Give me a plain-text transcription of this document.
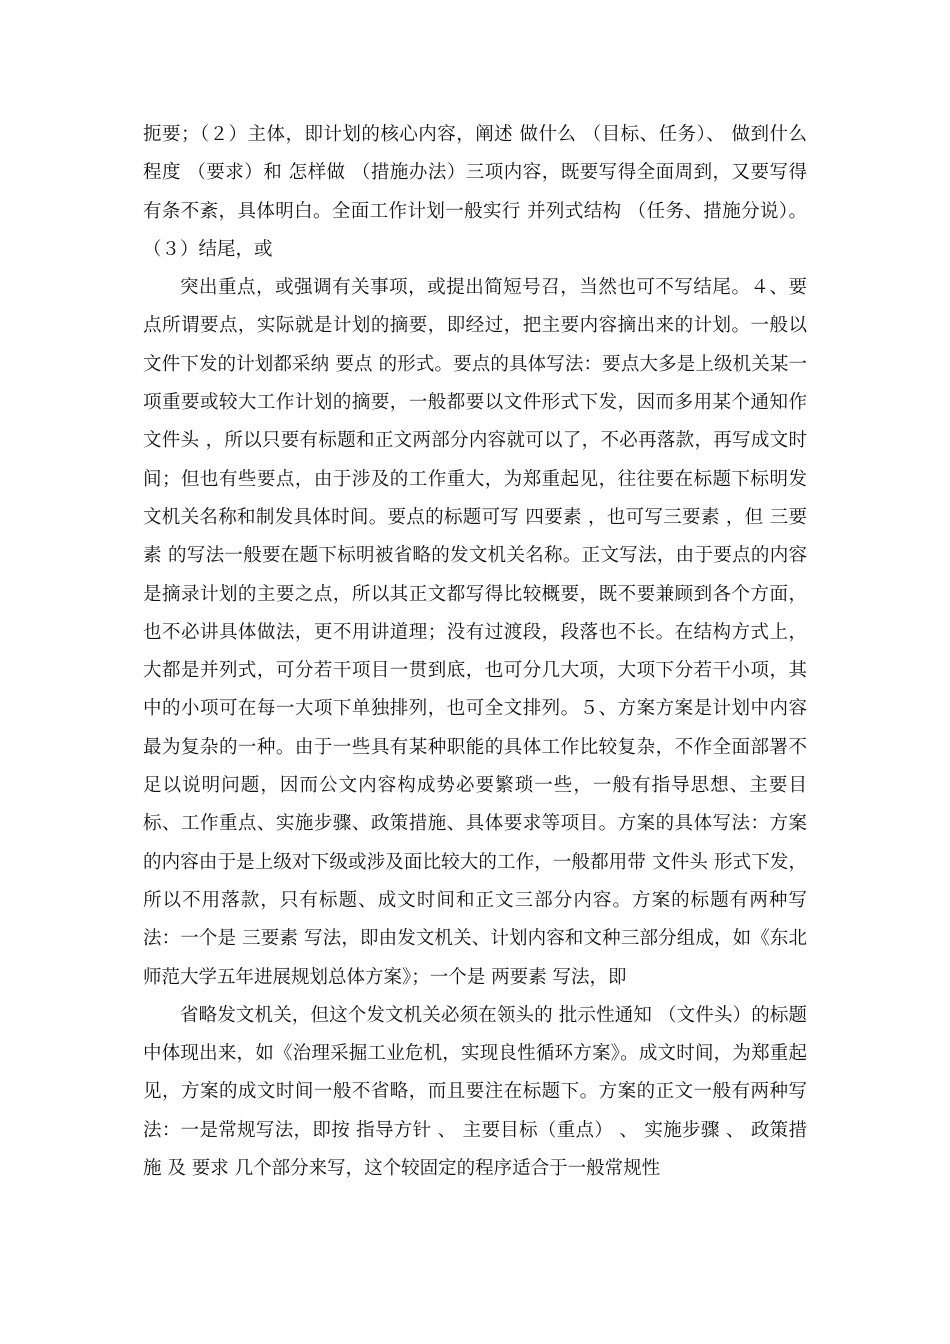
扼要；（２）主体，即计划的核心内容，阐述 做什么 （目标、任务）、 做到什么程度 （要求）和 怎样做 （措施办法）三项内容，既要写得全面周到，又要写得有条不紊，具体明白。全面工作计划一般实行 并列式结构 （任务、措施分说）。（３）结尾，或

突出重点，或强调有关事项，或提出简短号召，当然也可不写结尾。４、要点所谓要点，实际就是计划的摘要，即经过，把主要内容摘出来的计划。一般以文件下发的计划都采纳 要点 的形式。要点的具体写法：要点大多是上级机关某一项重要或较大工作计划的摘要，一般都要以文件形式下发，因而多用某个通知作 文件头 ，所以只要有标题和正文两部分内容就可以了，不必再落款，再写成文时间；但也有些要点，由于涉及的工作重大，为郑重起见，往往要在标题下标明发文机关名称和制发具体时间。要点的标题可写 四要素 ，也可写三要素 ，但 三要素 的写法一般要在题下标明被省略的发文机关名称。正文写法，由于要点的内容是摘录计划的主要之点，所以其正文都写得比较概要，既不要兼顾到各个方面，也不必讲具体做法，更不用讲道理；没有过渡段，段落也不长。在结构方式上，大都是并列式，可分若干项目一贯到底，也可分几大项，大项下分若干小项，其中的小项可在每一大项下单独排列，也可全文排列。５、方案方案是计划中内容最为复杂的一种。由于一些具有某种职能的具体工作比较复杂，不作全面部署不足以说明问题，因而公文内容构成势必要繁琐一些，一般有指导思想、主要目标、工作重点、实施步骤、政策措施、具体要求等项目。方案的具体写法：方案的内容由于是上级对下级或涉及面比较大的工作，一般都用带 文件头 形式下发，所以不用落款，只有标题、成文时间和正文三部分内容。方案的标题有两种写法：一个是 三要素 写法，即由发文机关、计划内容和文种三部分组成，如《东北师范大学五年进展规划总体方案》；一个是 两要素 写法，即

省略发文机关，但这个发文机关必须在领头的 批示性通知 （文件头）的标题中体现出来，如《治理采掘工业危机，实现良性循环方案》。成文时间，为郑重起见，方案的成文时间一般不省略，而且要注在标题下。方案的正文一般有两种写法：一是常规写法，即按 指导方针 、 主要目标（重点） 、 实施步骤 、 政策措施 及 要求 几个部分来写，这个较固定的程序适合于一般常规性
